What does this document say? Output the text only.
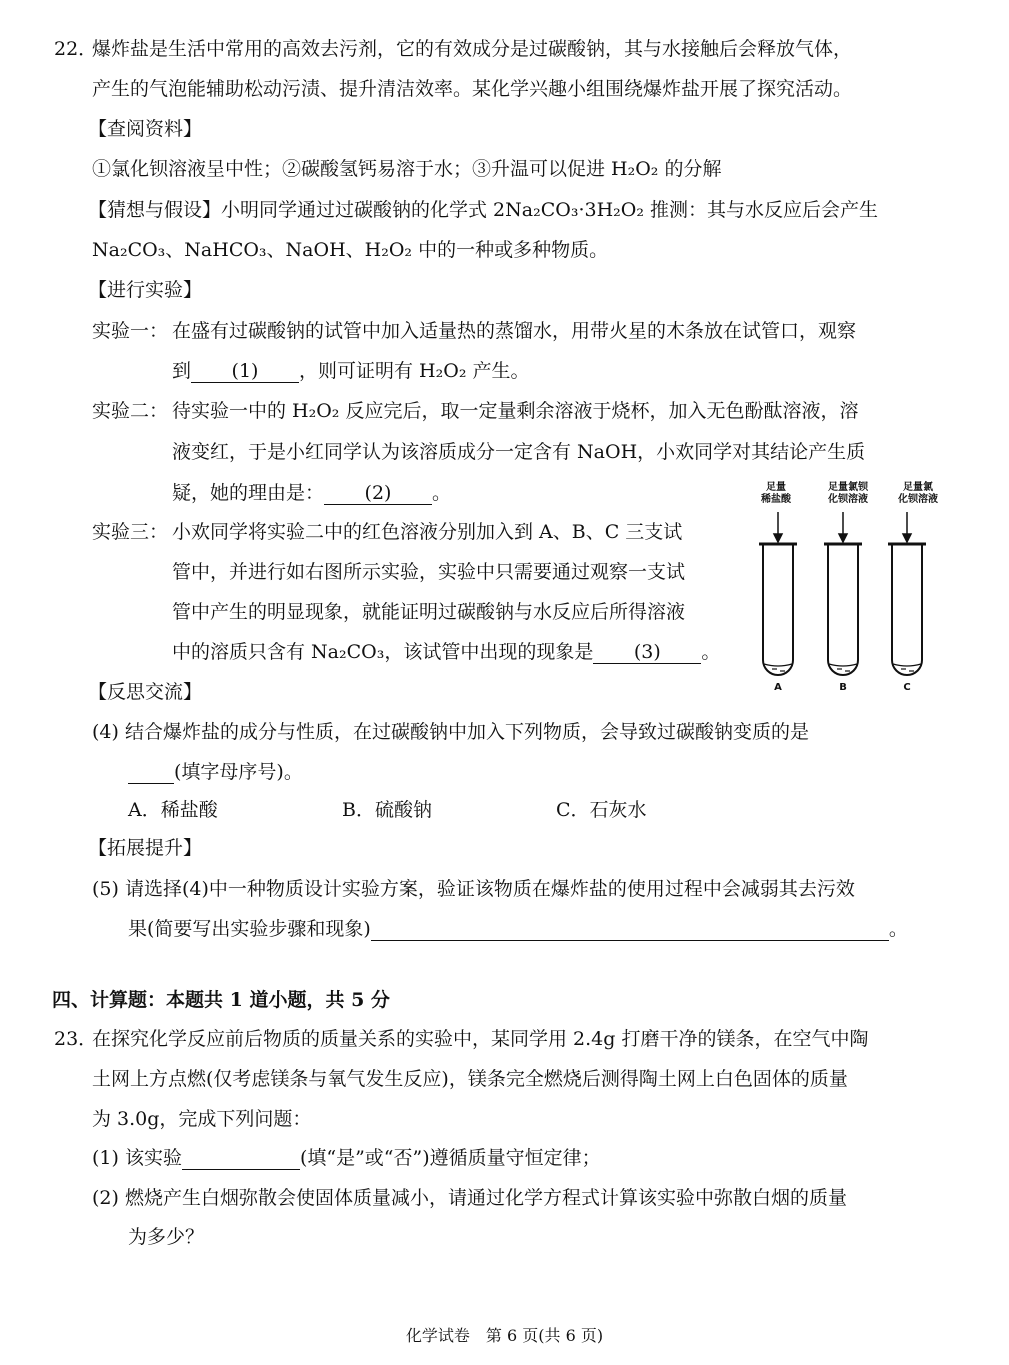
22．
爆炸盐是生活中常用的高效去污剂，它的有效成分是过碳酸钠，其与水接触后会释放气体，
产生的气泡能辅助松动污渍、提升清洁效率。某化学兴趣小组围绕爆炸盐开展了探究活动。
【查阅资料】
①氯化钡溶液呈中性；②碳酸氢钙易溶于水；③升温可以促进 H₂O₂ 的分解
【猜想与假设】小明同学通过过碳酸钠的化学式 2Na₂CO₃·3H₂O₂ 推测：其与水反应后会产生
Na₂CO₃、NaHCO₃、NaOH、H₂O₂ 中的一种或多种物质。
【进行实验】
实验一： 在盛有过碳酸钠的试管中加入适量热的蒸馏水，用带火星的木条放在试管口，观察
到 (1) ，则可证明有 H₂O₂ 产生。
实验二： 待实验一中的 H₂O₂ 反应完后，取一定量剩余溶液于烧杯，加入无色酚酞溶液，溶
液变红，于是小红同学认为该溶质成分一定含有 NaOH，小欢同学对其结论产生质
疑，她的理由是： (2) 。
实验三： 小欢同学将实验二中的红色溶液分别加入到 A、B、C 三支试
管中，并进行如右图所示实验，实验中只需要通过观察一支试
管中产生的明显现象，就能证明过碳酸钠与水反应后所得溶液
中的溶质只含有 Na₂CO₃，该试管中出现的现象是 (3) 。
足量
稀盐酸
足量氯钡
化钡溶液
足量氯
化钡溶液
A	B	C
【反思交流】
(4) 结合爆炸盐的成分与性质，在过碳酸钠中加入下列物质，会导致过碳酸钠变质的是
(填字母序号)。
A．稀盐酸	B．硫酸钠	C．石灰水
【拓展提升】
(5) 请选择(4)中一种物质设计实验方案，验证该物质在爆炸盐的使用过程中会减弱其去污效
果(简要写出实验步骤和现象)	。
四、计算题：本题共 1 道小题，共 5 分
23．
在探究化学反应前后物质的质量关系的实验中，某同学用 2.4g 打磨干净的镁条，在空气中陶
土网上方点燃(仅考虑镁条与氧气发生反应)，镁条完全燃烧后测得陶土网上白色固体的质量
为 3.0g，完成下列问题：
(1) 该实验	(填“是”或“否”)遵循质量守恒定律；
(2) 燃烧产生白烟弥散会使固体质量减小，请通过化学方程式计算该实验中弥散白烟的质量
为多少？
化学试卷　第 6 页(共 6 页)
